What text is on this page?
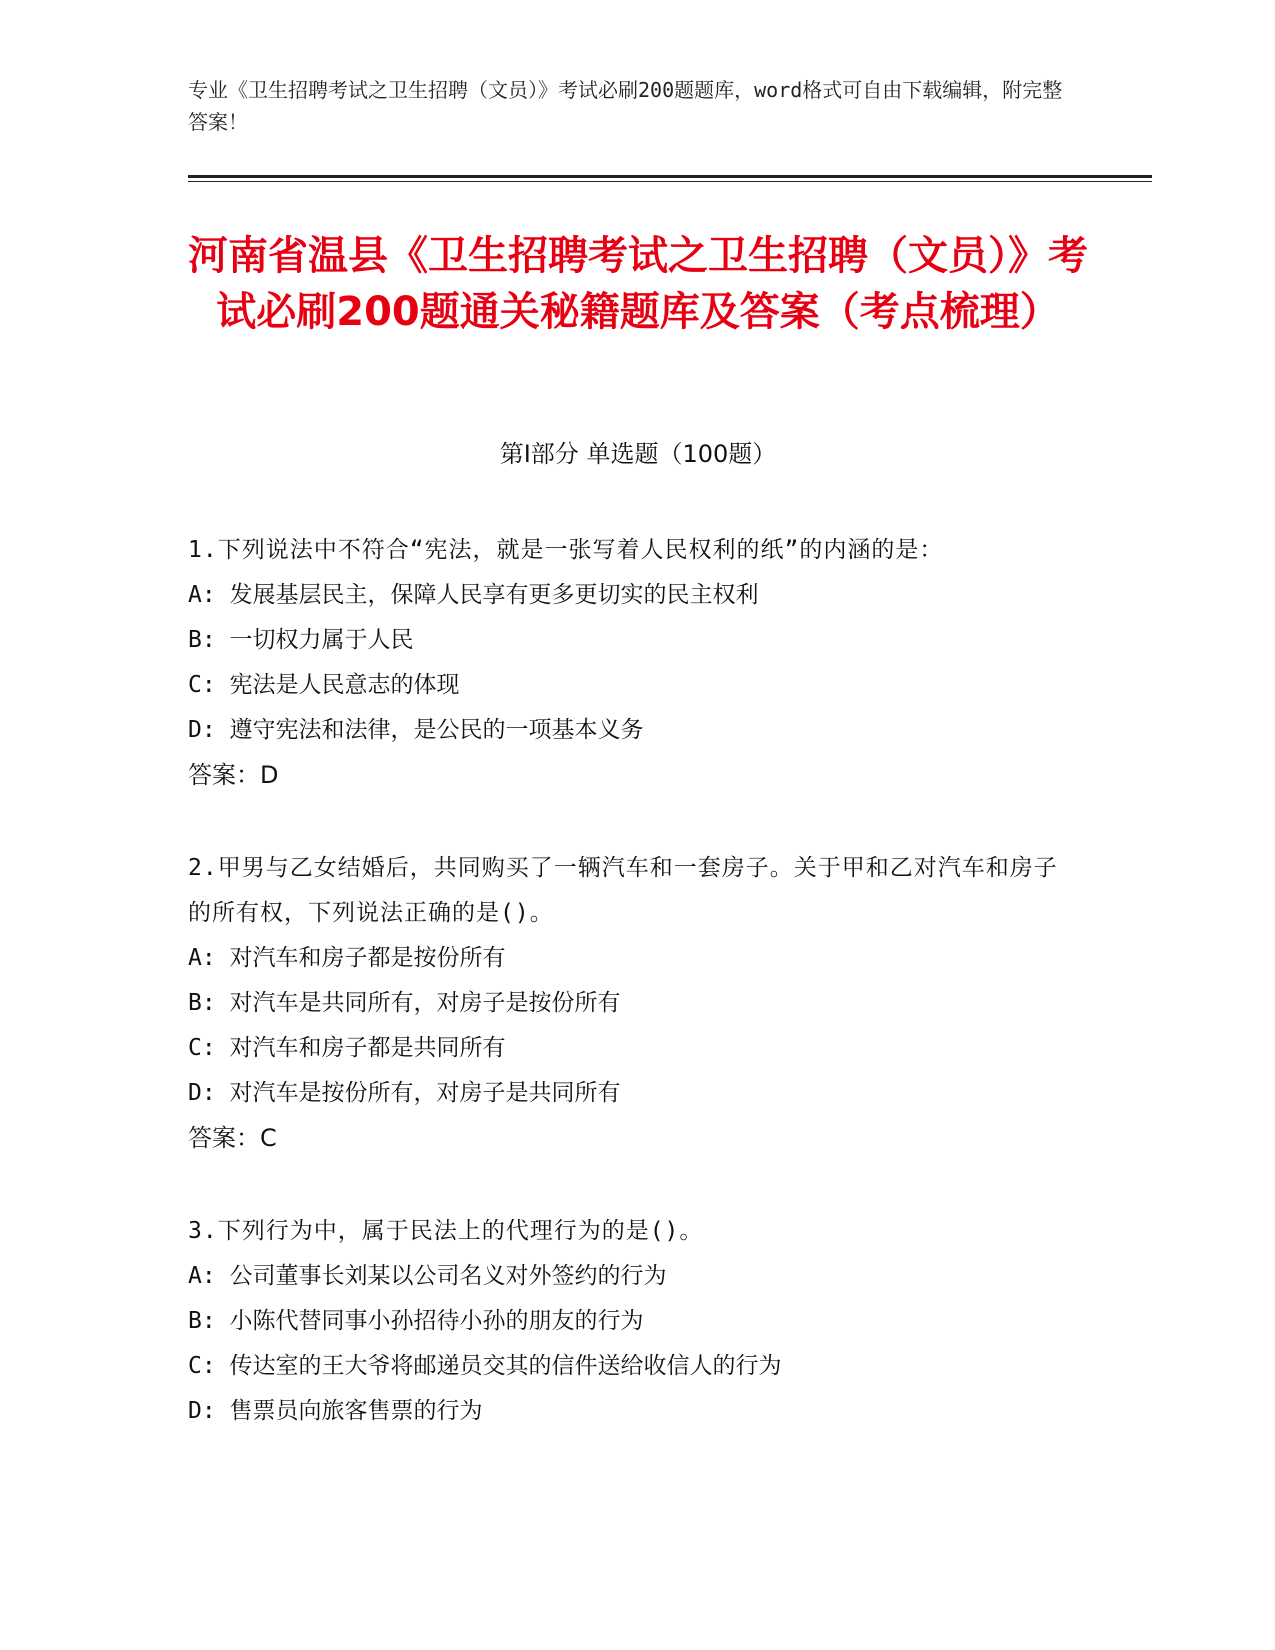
专业《卫生招聘考试之卫生招聘（文员）》考试必刷200题题库，word格式可自由下载编辑，附完整答案！
河南省温县《卫生招聘考试之卫生招聘（文员）》考试必刷200题通关秘籍题库及答案（考点梳理）
第I部分 单选题（100题）
1.下列说法中不符合“宪法，就是一张写着人民权利的纸”的内涵的是：
A: 发展基层民主，保障人民享有更多更切实的民主权利
B: 一切权力属于人民
C: 宪法是人民意志的体现
D: 遵守宪法和法律，是公民的一项基本义务
答案：D
2.甲男与乙女结婚后，共同购买了一辆汽车和一套房子。关于甲和乙对汽车和房子的所有权，下列说法正确的是()。
A: 对汽车和房子都是按份所有
B: 对汽车是共同所有，对房子是按份所有
C: 对汽车和房子都是共同所有
D: 对汽车是按份所有，对房子是共同所有
答案：C
3.下列行为中，属于民法上的代理行为的是()。
A: 公司董事长刘某以公司名义对外签约的行为
B: 小陈代替同事小孙招待小孙的朋友的行为
C: 传达室的王大爷将邮递员交其的信件送给收信人的行为
D: 售票员向旅客售票的行为
